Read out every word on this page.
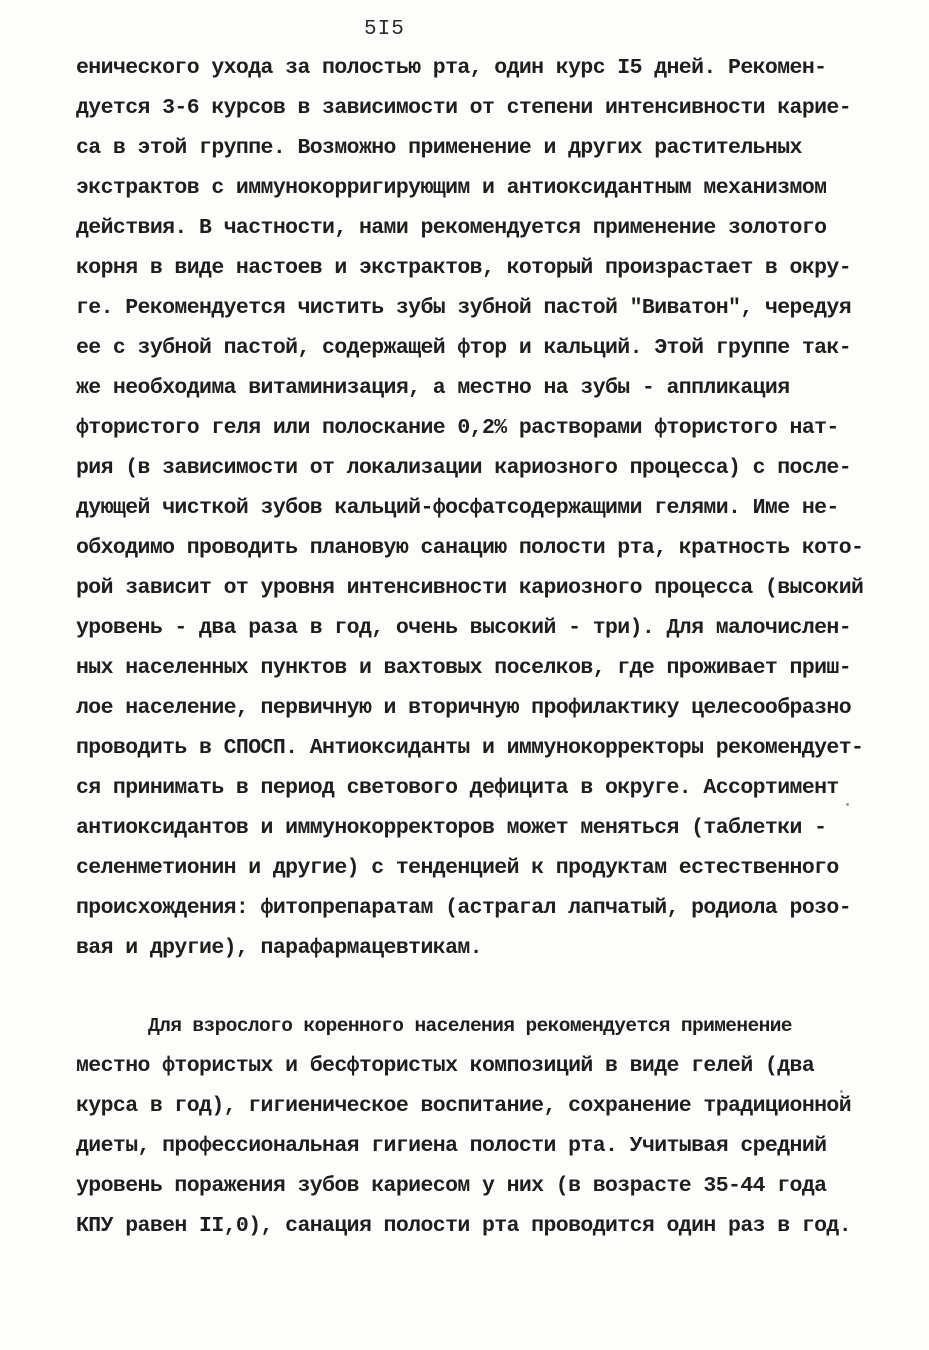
5I5
енического ухода за полостью рта, один курс I5 дней. Рекомен-
дуется 3-6 курсов в зависимости от степени интенсивности карие-
са в этой группе. Возможно применение и других растительных
экстрактов с иммунокорригирующим и антиоксидантным механизмом
действия. В частности, нами рекомендуется применение золотого
корня в виде настоев и экстрактов, который произрастает в окру-
ге. Рекомендуется чистить зубы зубной пастой "Виватон", чередуя
ее с зубной пастой, содержащей фтор и кальций. Этой группе так-
же необходима витаминизация, а местно на зубы - аппликация
фтористого геля или полоскание 0,2% растворами фтористого нат-
рия (в зависимости от локализации кариозного процесса) с после-
дующей чисткой зубов кальций-фосфатсодержащими гелями. Име не-
обходимо проводить плановую санацию полости рта, кратность кото-
рой зависит от уровня интенсивности кариозного процесса (высокий
уровень - два раза в год, очень высокий - три). Для малочислен-
ных населенных пунктов и вахтовых поселков, где проживает приш-
лое население, первичную и вторичную профилактику целесообразно
проводить в СПОСП. Антиоксиданты и иммунокорректоры рекомендует-
ся принимать в период светового дефицита в округе. Ассортимент
антиоксидантов и иммунокорректоров может меняться (таблетки -
селенметионин и другие) с тенденцией к продуктам естественного
происхождения: фитопрепаратам (астрагал лапчатый, родиола розо-
вая и другие), парафармацевтикам.
Для взрослого коренного населения рекомендуется применение
местно фтористых и бесфтористых композиций в виде гелей (два
курса в год), гигиеническое воспитание, сохранение традиционной
диеты, профессиональная гигиена полости рта. Учитывая средний
уровень поражения зубов кариесом у них (в возрасте 35-44 года
КПУ равен II,0), санация полости рта проводится один раз в год.
